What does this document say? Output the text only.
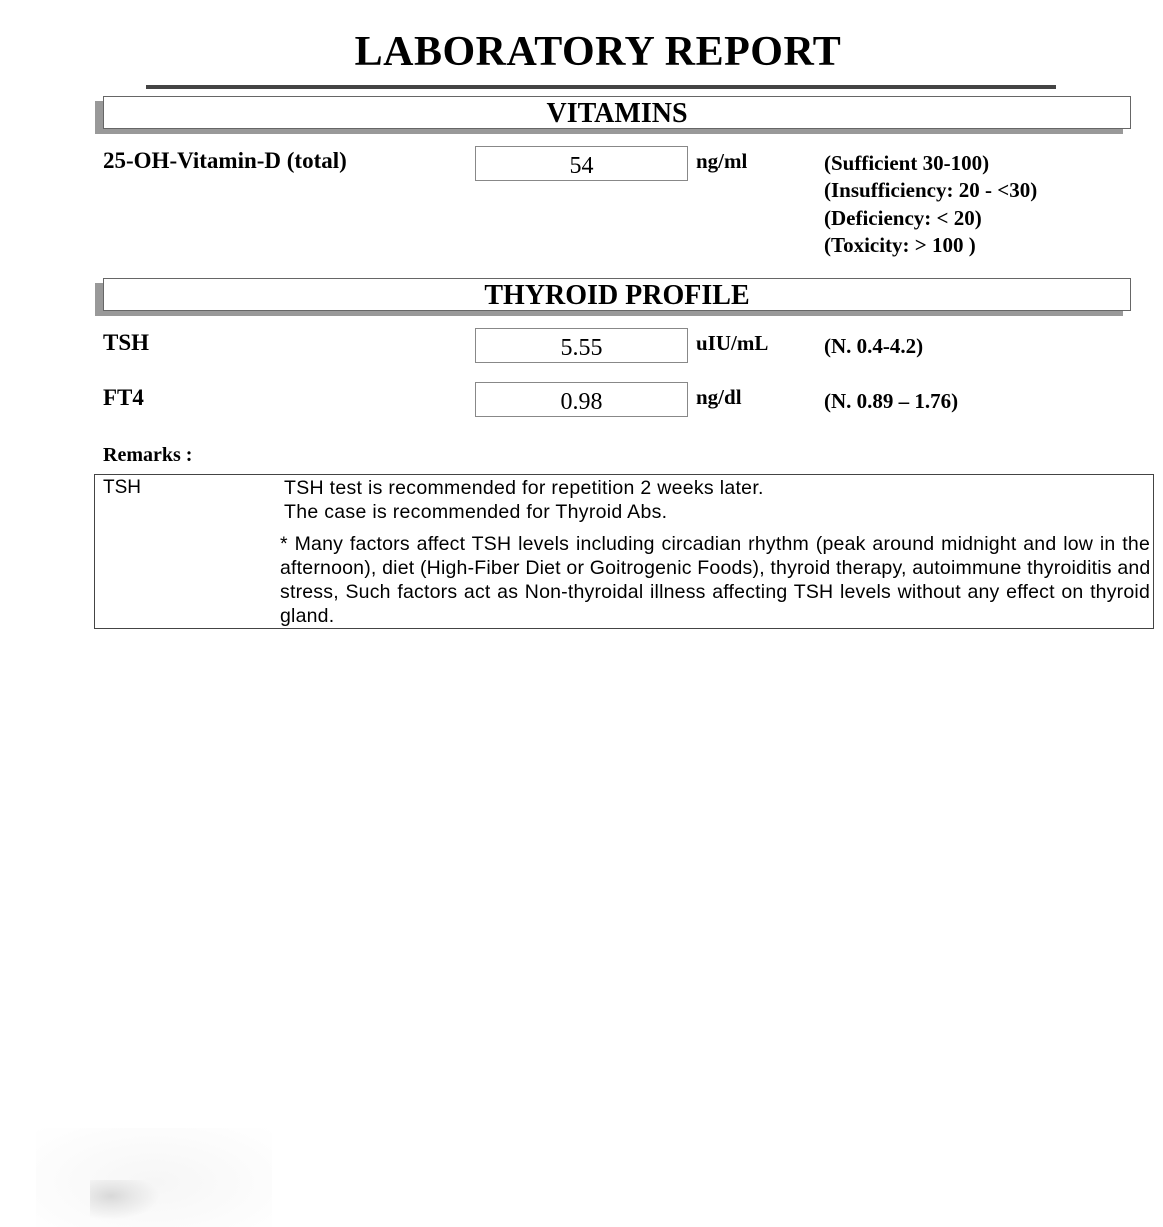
LABORATORY REPORT
VITAMINS
25-OH-Vitamin-D (total)	54	ng/ml	(Sufficient 30-100)
(Insufficiency: 20 - <30)
(Deficiency: < 20)
(Toxicity: > 100 )
THYROID PROFILE
TSH	5.55	uIU/mL	(N. 0.4-4.2)
FT4	0.98	ng/dl	(N. 0.89 – 1.76)
Remarks :
TSH	TSH test is recommended for repetition 2 weeks later.
The case is recommended for Thyroid Abs.
* Many factors affect TSH levels including circadian rhythm (peak around midnight and low in the
afternoon), diet (High-Fiber Diet or Goitrogenic Foods), thyroid therapy, autoimmune thyroiditis and
stress, Such factors act as Non-thyroidal illness affecting TSH levels without any effect on thyroid
gland.
